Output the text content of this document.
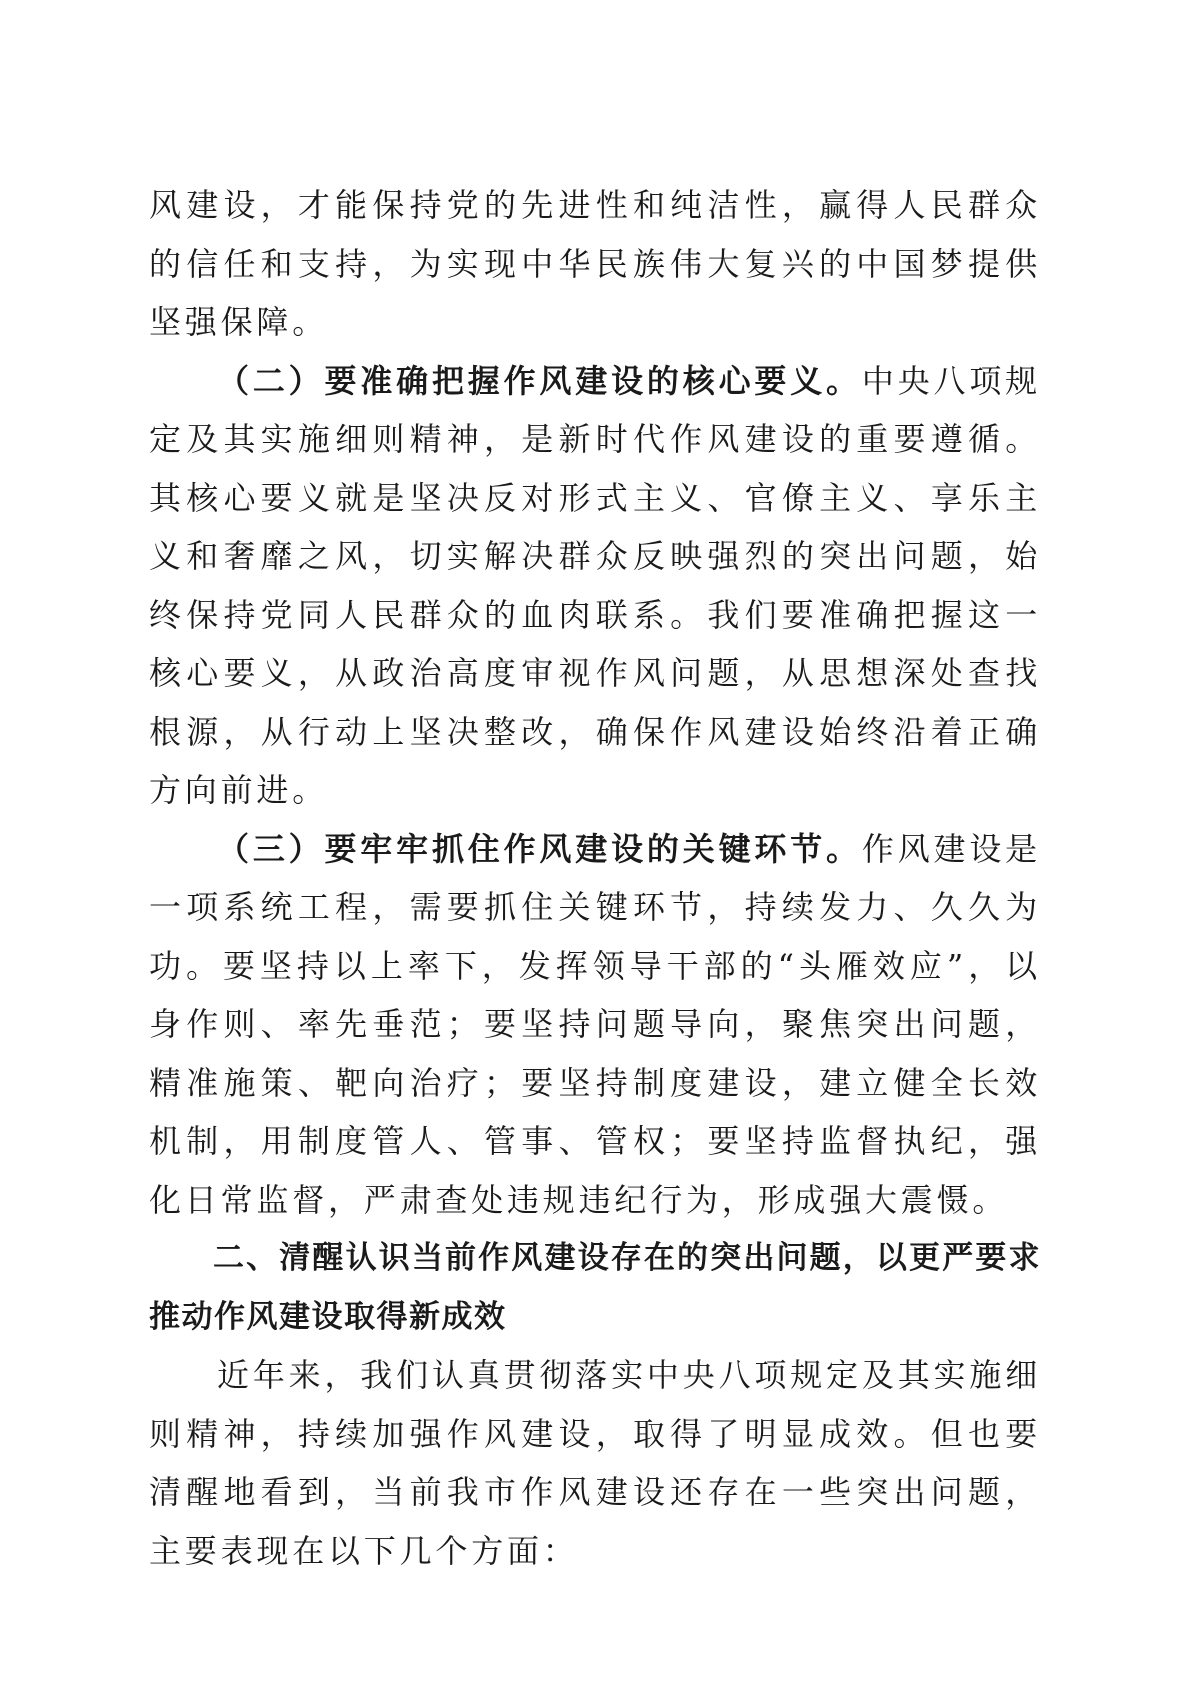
风建设，才能保持党的先进性和纯洁性，赢得人民群众的信任和支持，为实现中华民族伟大复兴的中国梦提供坚强保障。

（二）要准确把握作风建设的核心要义。中央八项规定及其实施细则精神，是新时代作风建设的重要遵循。其核心要义就是坚决反对形式主义、官僚主义、享乐主义和奢靡之风，切实解决群众反映强烈的突出问题，始终保持党同人民群众的血肉联系。我们要准确把握这一核心要义，从政治高度审视作风问题，从思想深处查找根源，从行动上坚决整改，确保作风建设始终沿着正确方向前进。

（三）要牢牢抓住作风建设的关键环节。作风建设是一项系统工程，需要抓住关键环节，持续发力、久久为功。要坚持以上率下，发挥领导干部的“头雁效应”，以身作则、率先垂范；要坚持问题导向，聚焦突出问题，精准施策、靶向治疗；要坚持制度建设，建立健全长效机制，用制度管人、管事、管权；要坚持监督执纪，强化日常监督，严肃查处违规违纪行为，形成强大震慑。

二、清醒认识当前作风建设存在的突出问题，以更严要求推动作风建设取得新成效

近年来，我们认真贯彻落实中央八项规定及其实施细则精神，持续加强作风建设，取得了明显成效。但也要清醒地看到，当前我市作风建设还存在一些突出问题，主要表现在以下几个方面：
